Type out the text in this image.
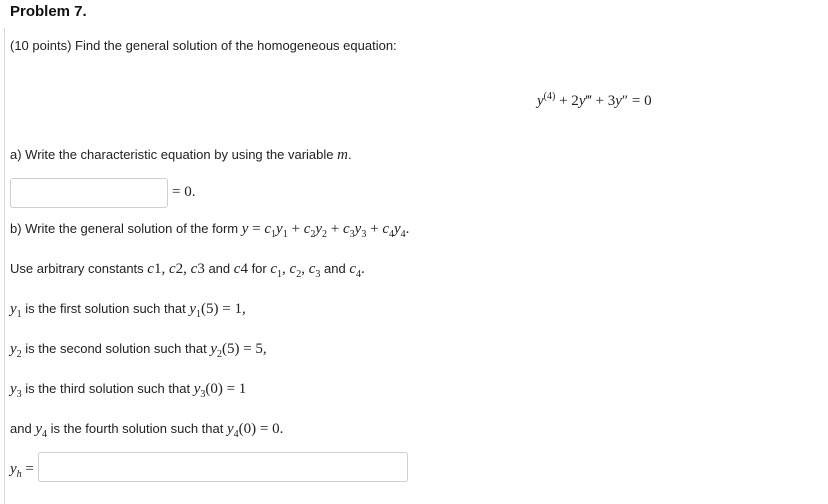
Problem 7.
(10 points) Find the general solution of the homogeneous equation:
$y^{(4)}$ + 2y‴ + 3y″ = 0
a) Write the characteristic equation by using the variable m.
= 0.
b) Write the general solution of the form $y = c_1y_1 + c_2y_2 + c_3y_3 + c_4y_4$.
Use arbitrary constants c1, c2, c3 and c4 for $c_1$, $c_2$, $c_3$ and $c_4$.
$y_1$ is the first solution such that $y_1(5) = 1$,
$y_2$ is the second solution such that $y_2(5) = 5$,
$y_3$ is the third solution such that $y_3(0) = 1$
and $y_4$ is the fourth solution such that $y_4(0) = 0$.
$y_h$ =
